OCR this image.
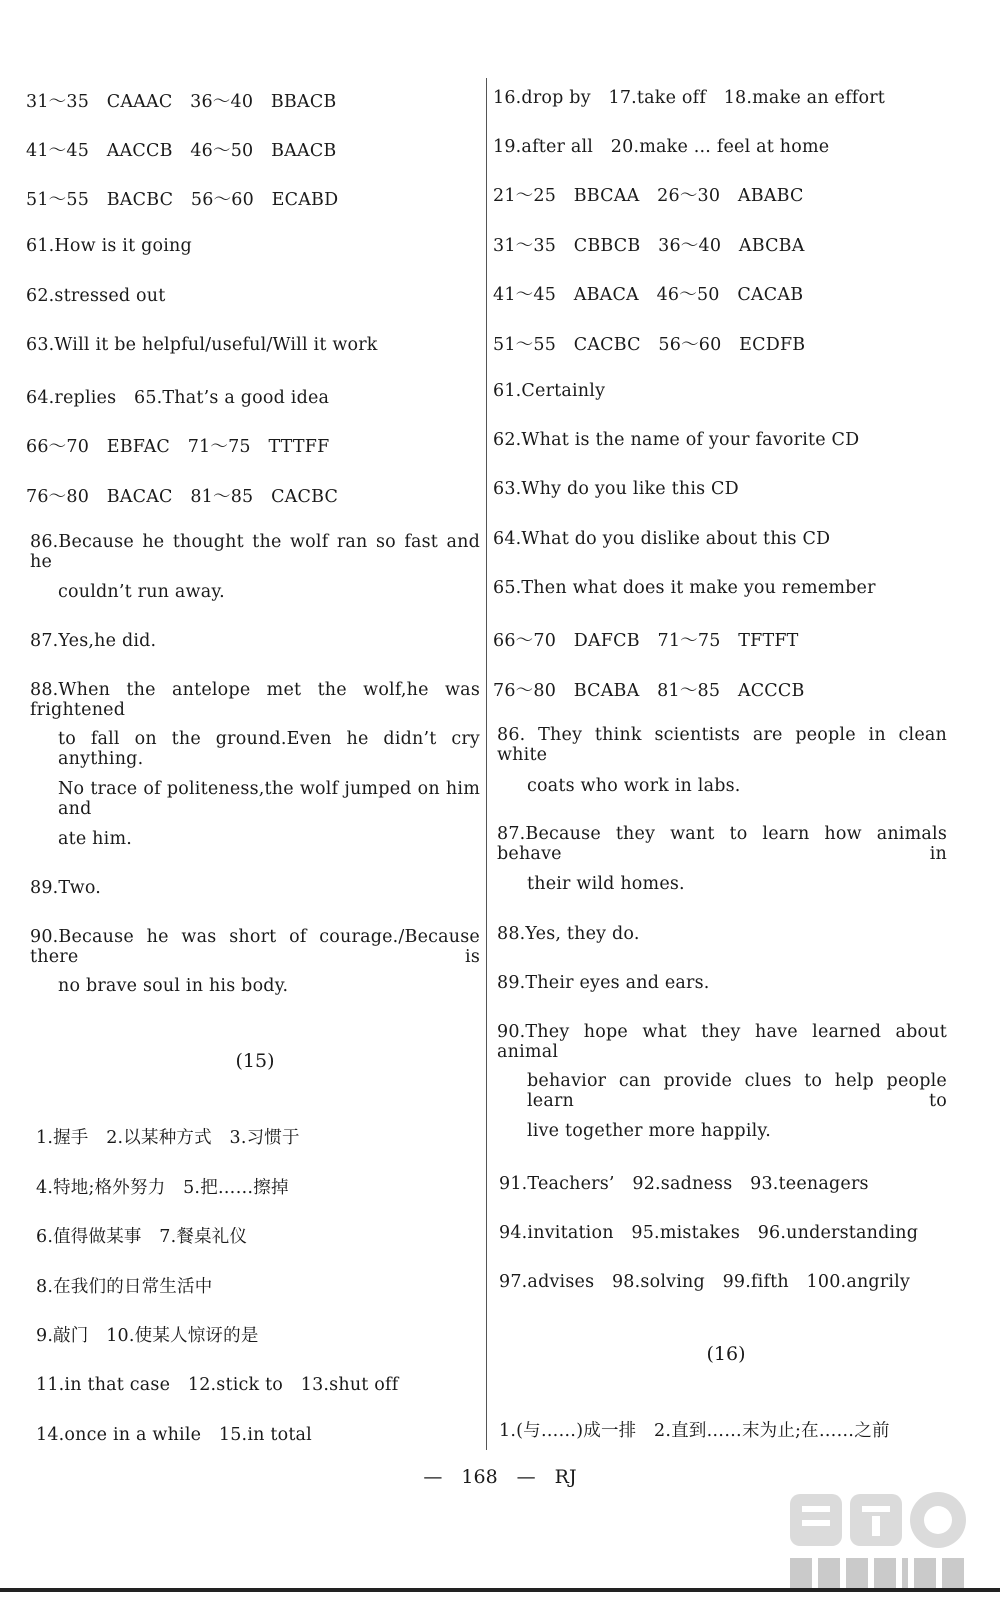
31～35　CAAAC　36～40　BBACB
41～45　AACCB　46～50　BAACB
51～55　BACBC　56～60　ECABD
61.How is it going
62.stressed out
63.Will it be helpful/useful/Will it work
64.replies　65.That’s a good idea
66～70　EBFAC　71～75　TTTFF
76～80　BACAC　81～85　CACBC
86.Because he thought the wolf ran so fast and he
couldn’t run away.
87.Yes,he did.
88.When the antelope met the wolf,he was frightened
to fall on the ground.Even he didn’t cry anything.
No trace of politeness,the wolf jumped on him and
ate him.
89.Two.
90.Because he was short of courage./Because there is
no brave soul in his body.
(15)
1.握手　2.以某种方式　3.习惯于
4.特地;格外努力　5.把……擦掉
6.值得做某事　7.餐桌礼仪
8.在我们的日常生活中
9.敲门　10.使某人惊讶的是
11.in that case　12.stick to　13.shut off
14.once in a while　15.in total
16.drop by　17.take off　18.make an effort
19.after all　20.make ... feel at home
21～25　BBCAA　26～30　ABABC
31～35　CBBCB　36～40　ABCBA
41～45　ABACA　46～50　CACAB
51～55　CACBC　56～60　ECDFB
61.Certainly
62.What is the name of your favorite CD
63.Why do you like this CD
64.What do you dislike about this CD
65.Then what does it make you remember
66～70　DAFCB　71～75　TFTFT
76～80　BCABA　81～85　ACCCB
86. They think scientists are people in clean white
coats who work in labs.
87.Because they want to learn how animals behave in
their wild homes.
88.Yes, they do.
89.Their eyes and ears.
90.They hope what they have learned about animal
behavior can provide clues to help people learn to
live together more happily.
91.Teachers’　92.sadness　93.teenagers
94.invitation　95.mistakes　96.understanding
97.advises　98.solving　99.fifth　100.angrily
(16)
1.(与……)成一排　2.直到……末为止;在……之前
—　168　—　RJ
